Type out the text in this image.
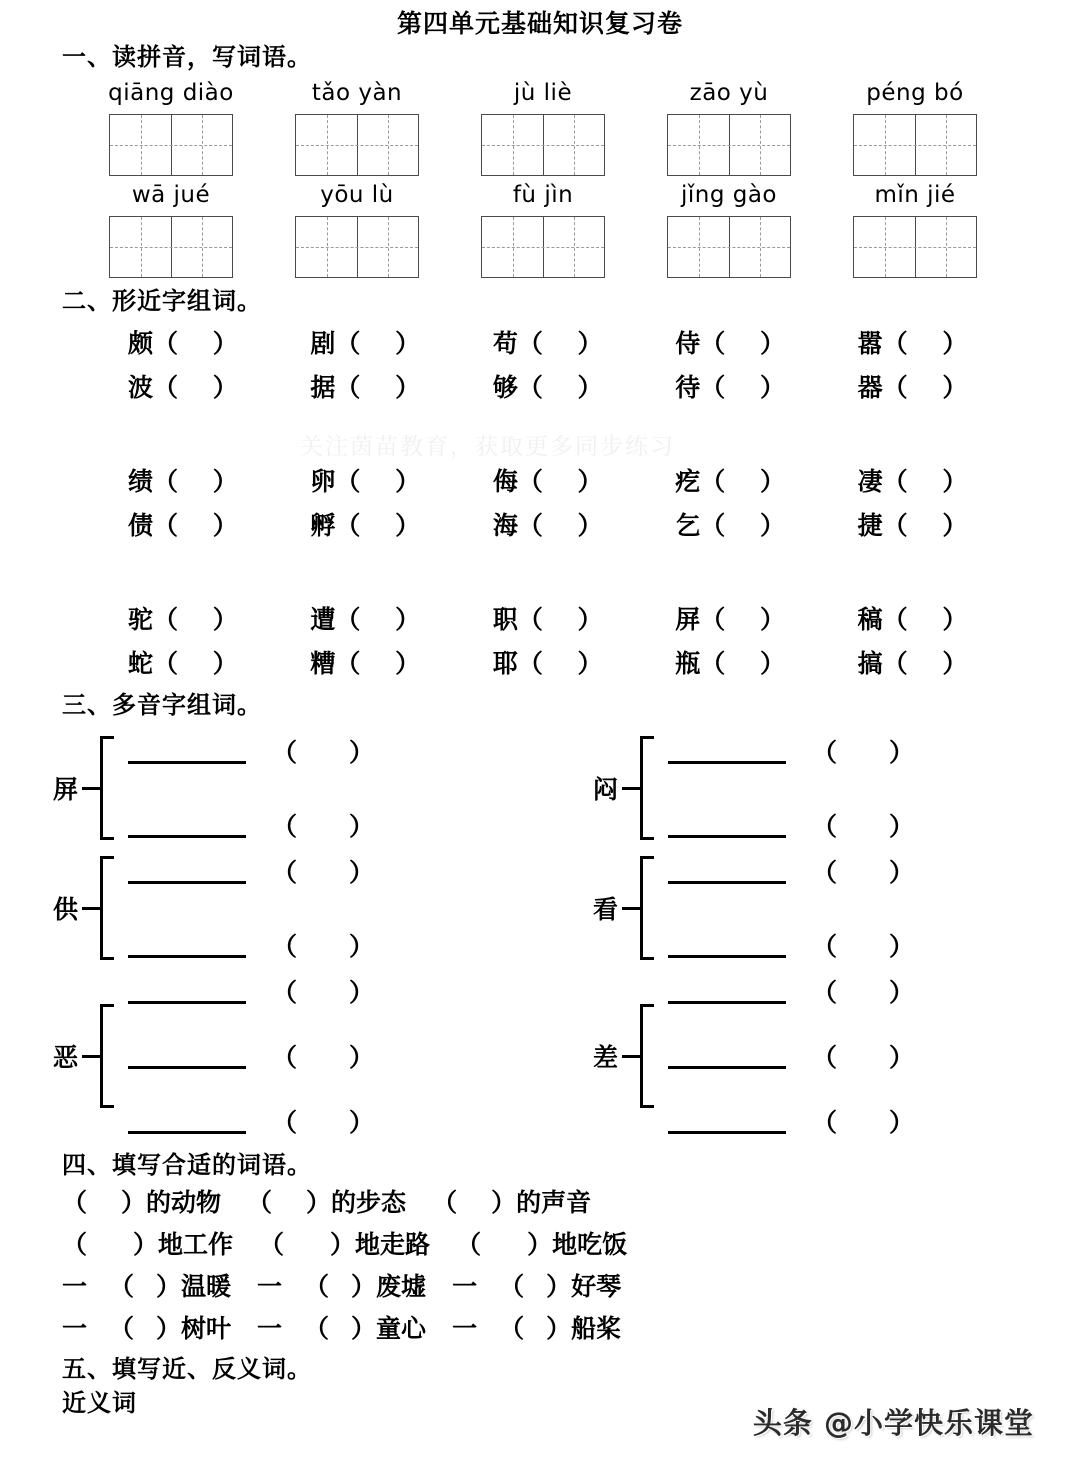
第四单元基础知识复习卷
一、读拼音，写词语。
qiāng diào	tǎo yàn	jù liè	zāo yù	péng bó
wā jué	yōu lù	fù jìn	jǐng gào	mǐn jié
二、形近字组词。
颇（ ）	剧（ ）	苟（ ）	侍（ ）	嚣（ ）
波（ ）	据（ ）	够（ ）	待（ ）	器（ ）
绩（ ）	卵（ ）	侮（ ）	疙（ ）	凄（ ）
债（ ）	孵（ ）	海（ ）	乞（ ）	捷（ ）
驼（ ）	遭（ ）	职（ ）	屏（ ）	稿（ ）
蛇（ ）	糟（ ）	耶（ ）	瓶（ ）	搞（ ）
三、多音字组词。
屏
（）
（）
闷
（）
（）
供
（）
（）
看
（）
（）
恶
（）
（）
（）
差
（）
（）
（）
四、填写合适的词语。
（）的动物 （）的步态 （）的声音
（）地工作 （）地走路 （）地吃饭
一（）温暖 一（）废墟 一（）好琴
一（）树叶 一（）童心 一（）船桨
五、填写近、反义词。
近义词
关注茵苗教育，获取更多同步练习
头条 @小学快乐课堂
